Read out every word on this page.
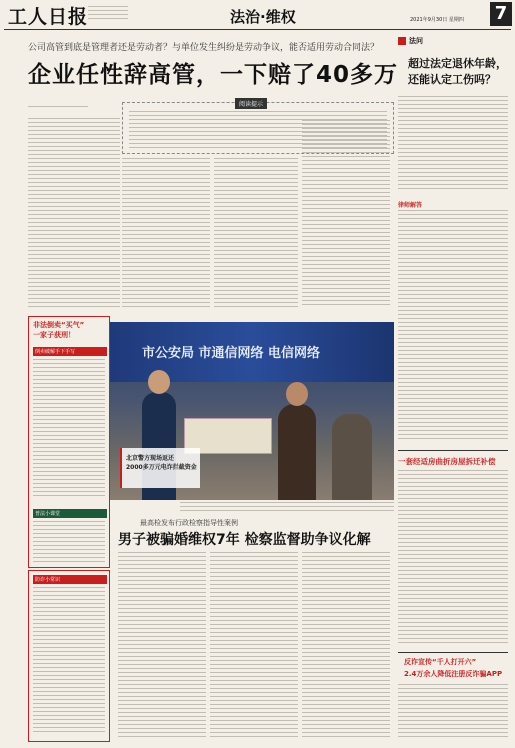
工人日报	法治·维权	2021年9月30日 星期四 7
公司高管到底是管理者还是劳动者？与单位发生纠纷是劳动争议，能否适用劳动合同法？
企业任性辞高管，一下赔了40多万
阅读提示
市公安局 市通信网络 电信网络
北京警方现场返还
2000多万元电诈拦截资金
非法倒卖“买气”
一家子获刑！
倒卖破解手下手写
普法小课堂
防诈小常识
最高检发布行政检察指导性案例
男子被骗婚维权7年 检察监督助争议化解
法问
超过法定退休年龄，
还能认定工伤吗？
律师解答
一套经适房曲折房屋拆迁补偿
反诈宣传“千人打开六”
2.4万余人降低注册反诈骗APP
